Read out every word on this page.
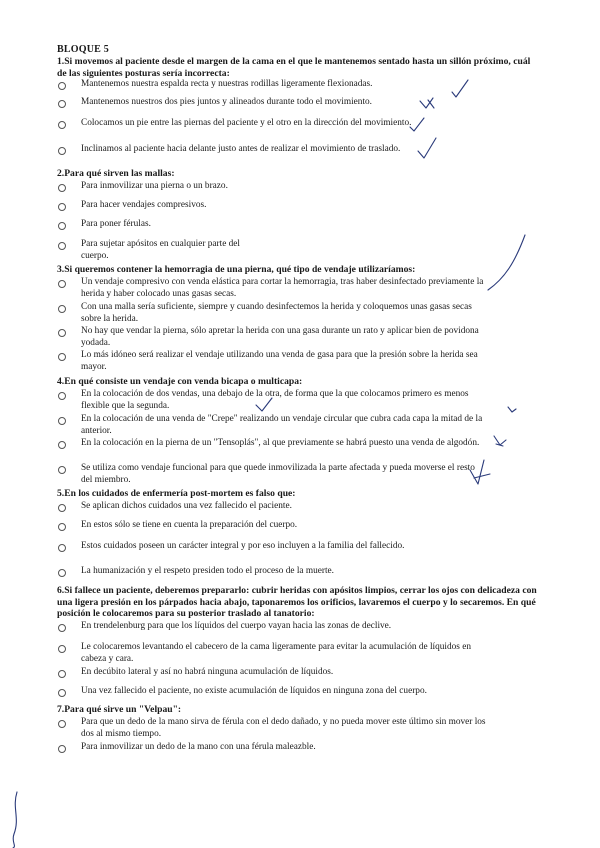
BLOQUE 5
1.Si movemos al paciente desde el margen de la cama en el que le mantenemos sentado hasta un sillón próximo, cuál de las siguientes posturas sería incorrecta:
Mantenemos nuestra espalda recta y nuestras rodillas ligeramente flexionadas.
Mantenemos nuestros dos pies juntos y alineados durante todo el movimiento.
Colocamos un pie entre las piernas del paciente y el otro en la dirección del movimiento.
Inclinamos al paciente hacia delante justo antes de realizar el movimiento de traslado.
2.Para qué sirven las mallas:
Para inmovilizar una pierna o un brazo.
Para hacer vendajes compresivos.
Para poner férulas.
Para sujetar apósitos en cualquier parte del cuerpo.
3.Si queremos contener la hemorragia de una pierna, qué tipo de vendaje utilizaríamos:
Un vendaje compresivo con venda elástica para cortar la hemorragia, tras haber desinfectado previamente la herida y haber colocado unas gasas secas.
Con una malla sería suficiente, siempre y cuando desinfectemos la herida y coloquemos unas gasas secas sobre la herida.
No hay que vendar la pierna, sólo apretar la herida con una gasa durante un rato y aplicar bien de povidona yodada.
Lo más idóneo será realizar el vendaje utilizando una venda de gasa para que la presión sobre la herida sea mayor.
4.En qué consiste un vendaje con venda bicapa o multicapa:
En la colocación de dos vendas, una debajo de la otra, de forma que la que colocamos primero es menos flexible que la segunda.
En la colocación de una venda de "Crepe" realizando un vendaje circular que cubra cada capa la mitad de la anterior.
En la colocación en la pierna de un "Tensoplás", al que previamente se habrá puesto una venda de algodón.
Se utiliza como vendaje funcional para que quede inmovilizada la parte afectada y pueda moverse el resto del miembro.
5.En los cuidados de enfermería post-mortem es falso que:
Se aplican dichos cuidados una vez fallecido el paciente.
En estos sólo se tiene en cuenta la preparación del cuerpo.
Estos cuidados poseen un carácter integral y por eso incluyen a la familia del fallecido.
La humanización y el respeto presiden todo el proceso de la muerte.
6.Si fallece un paciente, deberemos prepararlo: cubrir heridas con apósitos limpios, cerrar los ojos con delicadeza con una ligera presión en los párpados hacia abajo, taponaremos los orificios, lavaremos el cuerpo y lo secaremos. En qué posición le colocaremos para su posterior traslado al tanatorio:
En trendelenburg para que los líquidos del cuerpo vayan hacia las zonas de declive.
Le colocaremos levantando el cabecero de la cama ligeramente para evitar la acumulación de líquidos en cabeza y cara.
En decúbito lateral y así no habrá ninguna acumulación de líquidos.
Una vez fallecido el paciente, no existe acumulación de líquidos en ninguna zona del cuerpo.
7.Para qué sirve un "Velpau":
Para que un dedo de la mano sirva de férula con el dedo dañado, y no pueda mover este último sin mover los dos al mismo tiempo.
Para inmovilizar un dedo de la mano con una férula maleazble.
